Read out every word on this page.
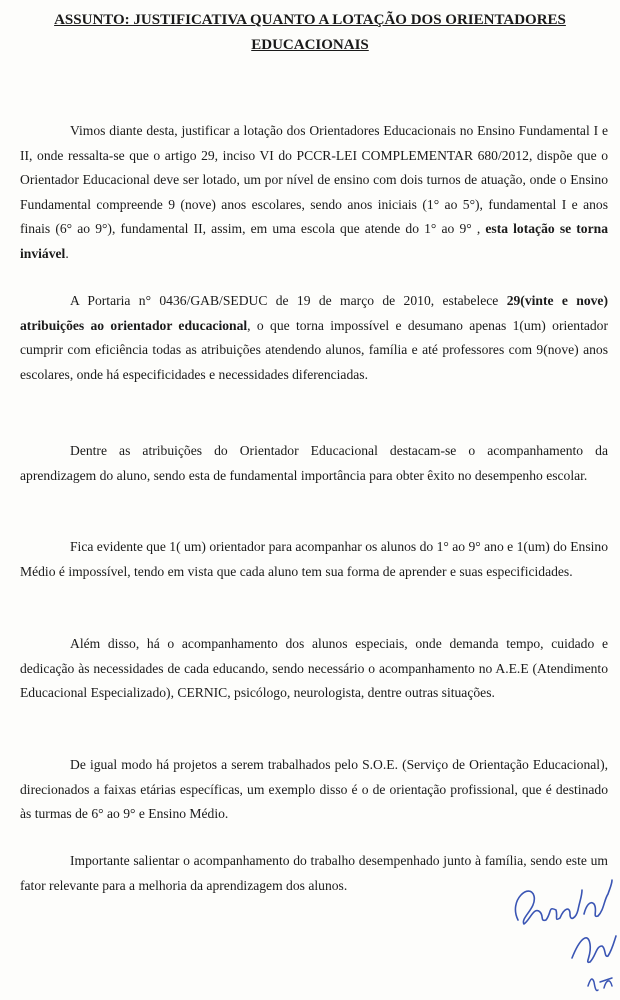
ASSUNTO: JUSTIFICATIVA QUANTO A LOTAÇÃO DOS ORIENTADORES
EDUCACIONAIS

Vimos diante desta, justificar a lotação dos Orientadores Educacionais no Ensino Fundamental I e II, onde ressalta-se que o artigo 29, inciso VI do PCCR-LEI COMPLEMENTAR 680/2012, dispõe que o Orientador Educacional deve ser lotado, um por nível de ensino com dois turnos de atuação, onde o Ensino Fundamental compreende 9 (nove) anos escolares, sendo anos iniciais (1° ao 5°), fundamental I e anos finais (6° ao 9°), fundamental II, assim, em uma escola que atende do 1° ao 9° , esta lotação se torna inviável.

A Portaria n° 0436/GAB/SEDUC de 19 de março de 2010, estabelece 29(vinte e nove) atribuições ao orientador educacional, o que torna impossível e desumano apenas 1(um) orientador cumprir com eficiência todas as atribuições atendendo alunos, família e até professores com 9(nove) anos escolares, onde há especificidades e necessidades diferenciadas.

Dentre as atribuições do Orientador Educacional destacam-se o acompanhamento da aprendizagem do aluno, sendo esta de fundamental importância para obter êxito no desempenho escolar.

Fica evidente que 1( um) orientador para acompanhar os alunos do 1° ao 9° ano e 1(um) do Ensino Médio é impossível, tendo em vista que cada aluno tem sua forma de aprender e suas especificidades.

Além disso, há o acompanhamento dos alunos especiais, onde demanda tempo, cuidado e dedicação às necessidades de cada educando, sendo necessário o acompanhamento no A.E.E (Atendimento Educacional Especializado), CERNIC, psicólogo, neurologista, dentre outras situações.

De igual modo há projetos a serem trabalhados pelo S.O.E. (Serviço de Orientação Educacional), direcionados a faixas etárias específicas, um exemplo disso é o de orientação profissional, que é destinado às turmas de 6° ao 9° e Ensino Médio.

Importante salientar o acompanhamento do trabalho desempenhado junto à família, sendo este um fator relevante para a melhoria da aprendizagem dos alunos.
